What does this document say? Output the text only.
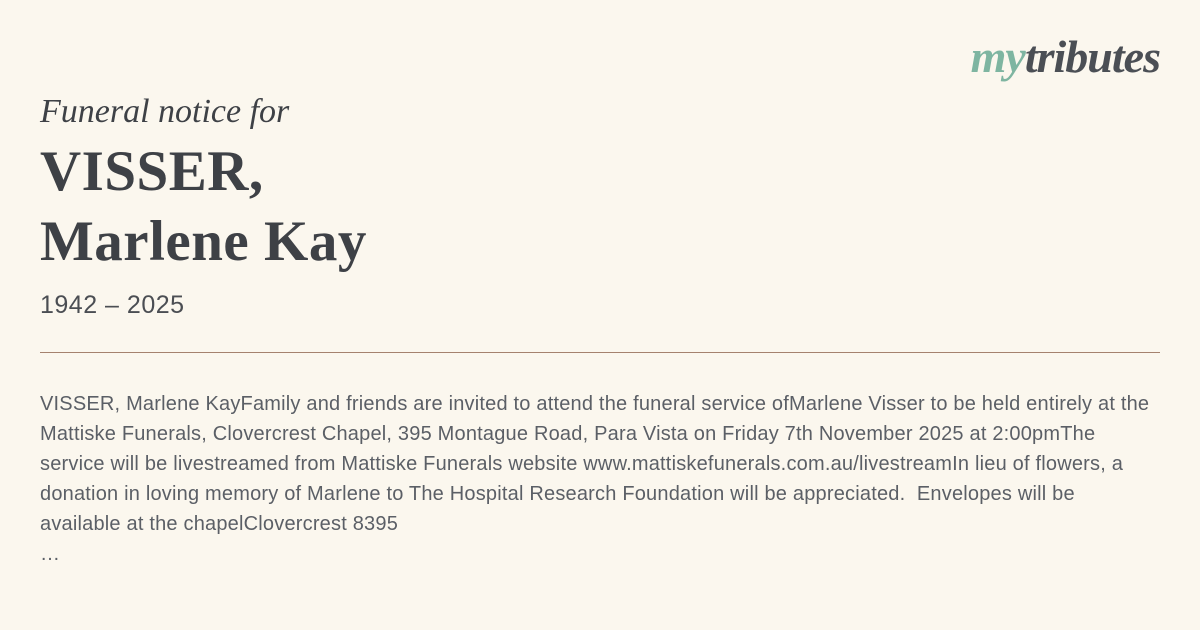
mytributes
Funeral notice for
VISSER,
Marlene Kay
1942 – 2025

VISSER, Marlene KayFamily and friends are invited to attend the funeral service ofMarlene Visser to be held entirely at the Mattiske Funerals, Clovercrest Chapel, 395 Montague Road, Para Vista on Friday 7th November 2025 at 2:00pmThe service will be livestreamed from Mattiske Funerals website www.mattiskefunerals.com.au/livestreamIn lieu of flowers, a donation in loving memory of Marlene to The Hospital Research Foundation will be appreciated.  Envelopes will be available at the chapelClovercrest 8395

…
